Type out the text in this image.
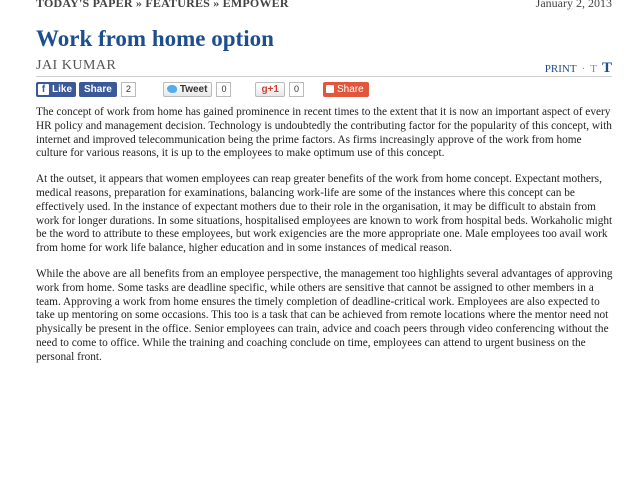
TODAY'S PAPER » FEATURES » EMPOWER	January 2, 2013
Work from home option
JAI KUMAR	PRINT · T T
f Like	Share	2	Tweet	0	g+1	0	Share

The concept of work from home has gained prominence in recent times to the extent that it is now an important aspect of every HR policy and management decision. Technology is undoubtedly the contributing factor for the popularity of this concept, with internet and improved telecommunication being the prime factors. As firms increasingly approve of the work from home culture for various reasons, it is up to the employees to make optimum use of this concept.

At the outset, it appears that women employees can reap greater benefits of the work from home concept. Expectant mothers, medical reasons, preparation for examinations, balancing work-life are some of the instances where this concept can be effectively used. In the instance of expectant mothers due to their role in the organisation, it may be difficult to abstain from work for longer durations. In some situations, hospitalised employees are known to work from hospital beds. Workaholic might be the word to attribute to these employees, but work exigencies are the more appropriate one. Male employees too avail work from home for work life balance, higher education and in some instances of medical reason.

While the above are all benefits from an employee perspective, the management too highlights several advantages of approving work from home. Some tasks are deadline specific, while others are sensitive that cannot be assigned to other members in a team. Approving a work from home ensures the timely completion of deadline-critical work. Employees are also expected to take up mentoring on some occasions. This too is a task that can be achieved from remote locations where the mentor need not physically be present in the office. Senior employees can train, advice and coach peers through video conferencing without the need to come to office. While the training and coaching conclude on time, employees can attend to urgent business on the personal front.
